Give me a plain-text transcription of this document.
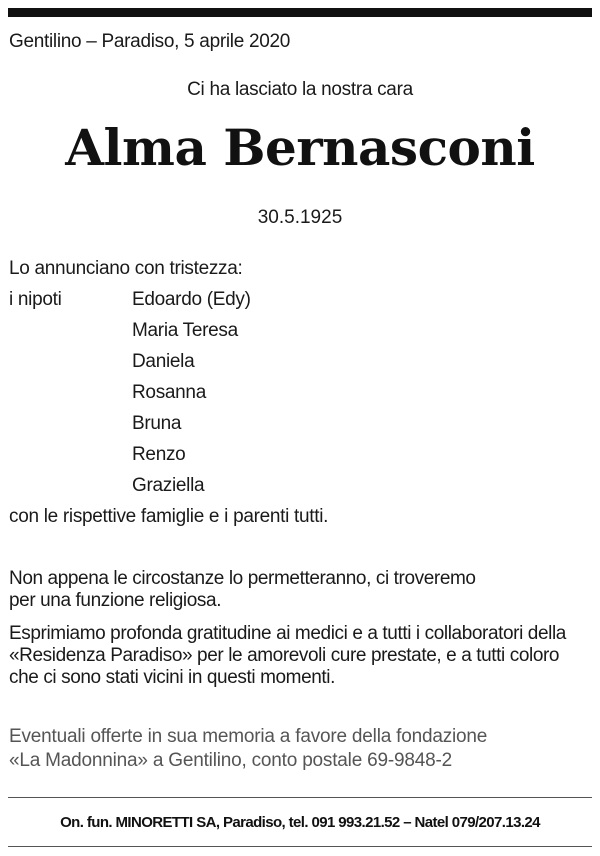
Gentilino – Paradiso, 5 aprile 2020
Ci ha lasciato la nostra cara
Alma Bernasconi
30.5.1925
Lo annunciano con tristezza:
i nipoti	Edoardo (Edy)
Maria Teresa
Daniela
Rosanna
Bruna
Renzo
Graziella
con le rispettive famiglie e i parenti tutti.
Non appena le circostanze lo permetteranno, ci troveremo
per una funzione religiosa.
Esprimiamo profonda gratitudine ai medici e a tutti i collaboratori della
«Residenza Paradiso» per le amorevoli cure prestate, e a tutti coloro
che ci sono stati vicini in questi momenti.
Eventuali offerte in sua memoria a favore della fondazione
«La Madonnina» a Gentilino, conto postale 69-9848-2
On. fun. MINORETTI SA, Paradiso, tel. 091 993.21.52 – Natel 079/207.13.24
